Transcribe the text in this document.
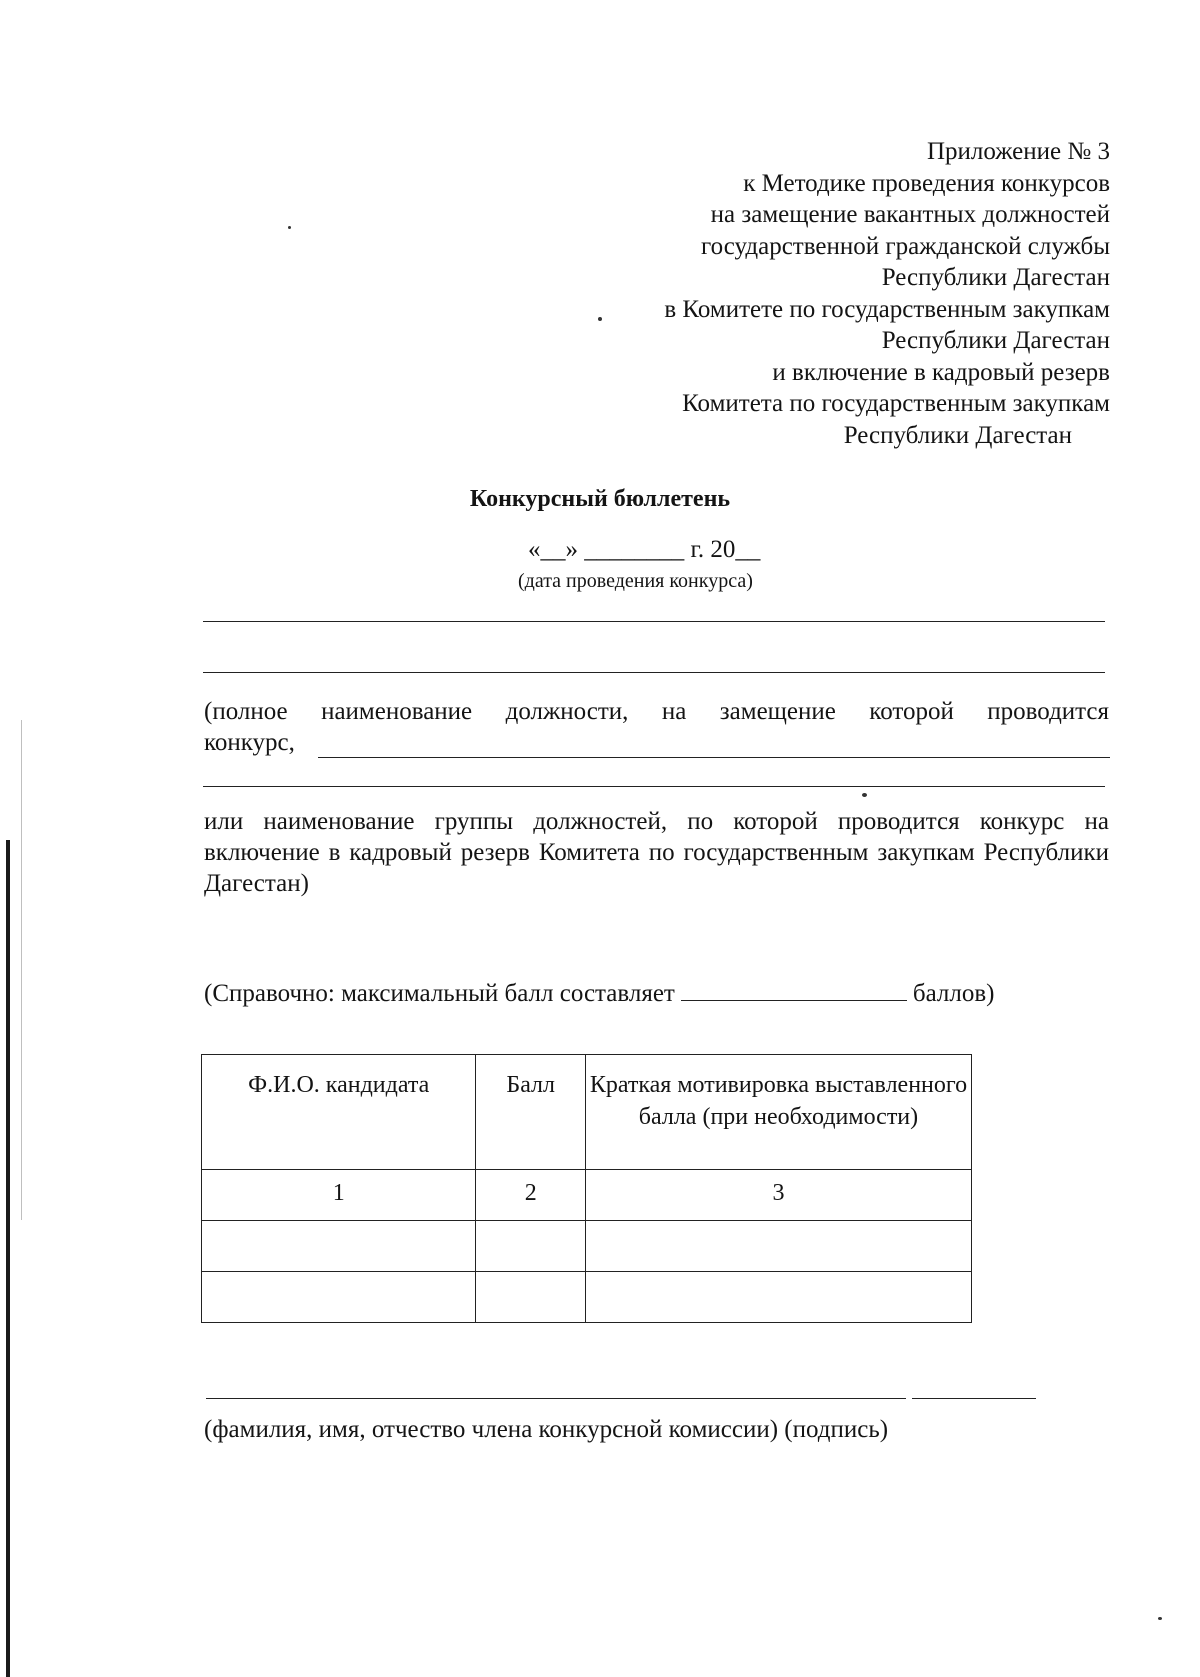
Приложение № 3
к Методике проведения конкурсов
на замещение вакантных должностей
государственной гражданской службы
Республики Дагестан
в Комитете по государственным закупкам
Республики Дагестан
и включение в кадровый резерв
Комитета по государственным закупкам
Республики Дагестан
Конкурсный бюллетень
«__» ________ г. 20__
(дата проведения конкурса)
(полное наименование должности, на замещение которой проводится
конкурс,
или наименование группы должностей, по которой проводится конкурс на включение в кадровый резерв Комитета по государственным закупкам Республики Дагестан)
(Справочно: максимальный балл составляет	баллов)
Ф.И.О. кандидата	Балл	Краткая мотивировка выставленного балла (при необходимости)
1	2	3

(фамилия, имя, отчество члена конкурсной комиссии) (подпись)
